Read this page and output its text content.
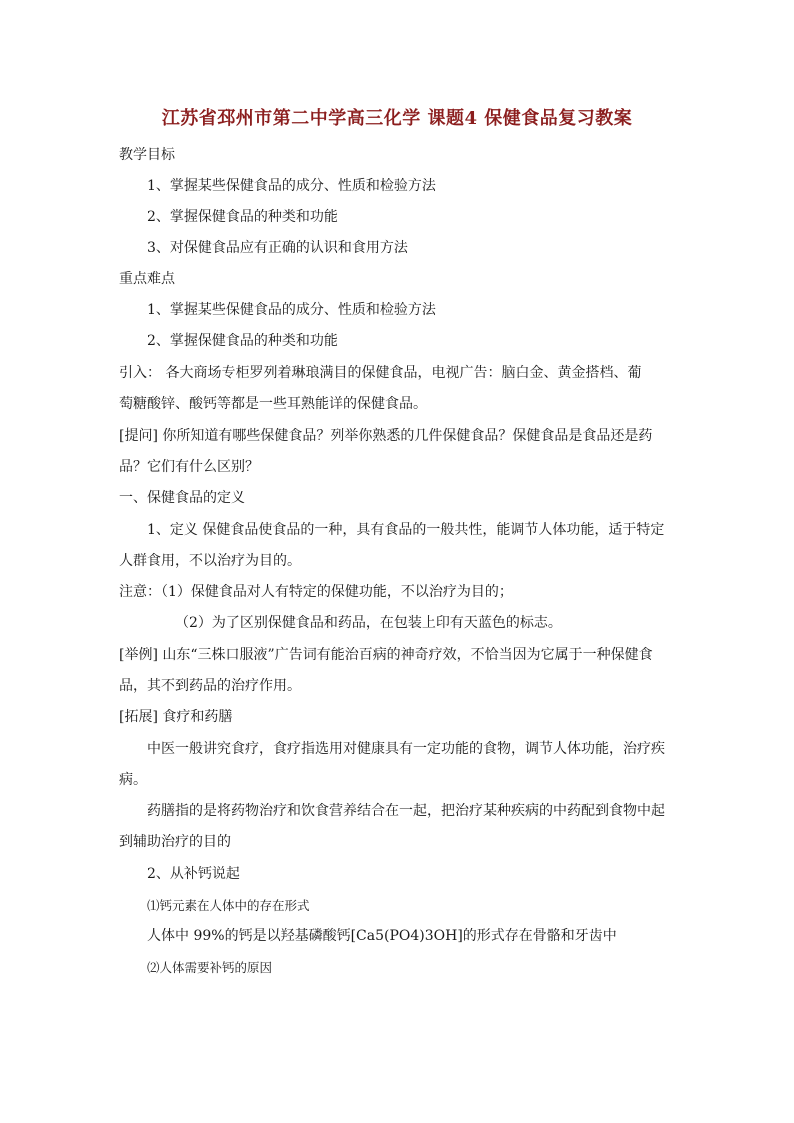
江苏省邳州市第二中学高三化学 课题4 保健食品复习教案
教学目标
1、掌握某些保健食品的成分、性质和检验方法
2、掌握保健食品的种类和功能
3、对保健食品应有正确的认识和食用方法
重点难点
1、掌握某些保健食品的成分、性质和检验方法
2、掌握保健食品的种类和功能
引入： 各大商场专柜罗列着琳琅满目的保健食品，电视广告：脑白金、黄金搭档、葡
萄糖酸锌、酸钙等都是一些耳熟能详的保健食品。
[提问] 你所知道有哪些保健食品？列举你熟悉的几件保健食品？保健食品是食品还是药
品？它们有什么区别？
一、保健食品的定义
1、定义 保健食品使食品的一种，具有食品的一般共性，能调节人体功能，适于特定
人群食用，不以治疗为目的。
注意：（1）保健食品对人有特定的保健功能，不以治疗为目的；
（2）为了区别保健食品和药品，在包装上印有天蓝色的标志。
[举例] 山东“三株口服液”广告词有能治百病的神奇疗效，不恰当因为它属于一种保健食
品，其不到药品的治疗作用。
[拓展] 食疗和药膳
中医一般讲究食疗，食疗指选用对健康具有一定功能的食物，调节人体功能，治疗疾
病。
药膳指的是将药物治疗和饮食营养结合在一起，把治疗某种疾病的中药配到食物中起
到辅助治疗的目的
2、从补钙说起
⑴钙元素在人体中的存在形式
人体中 99%的钙是以羟基磷酸钙[Ca5(PO4)3OH]的形式存在骨骼和牙齿中
⑵人体需要补钙的原因
